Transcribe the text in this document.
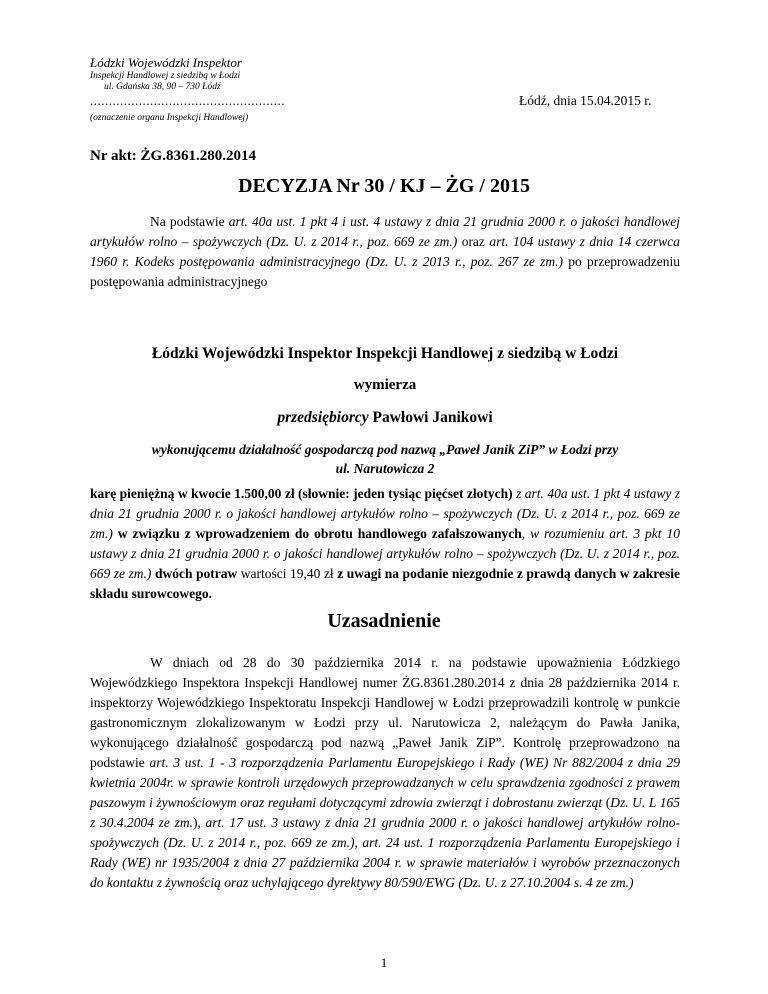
Łódzki Wojewódzki Inspektor
Inspekcji Handlowej z siedzibą w Łodzi
ul. Gdańska 38, 90 – 730 Łódź
....................................................
(oznaczenie organu Inspekcji Handlowej)
Łódź, dnia 15.04.2015 r.
Nr akt: ŻG.8361.280.2014
DECYZJA Nr 30 / KJ – ŻG / 2015
Na podstawie art. 40a ust. 1 pkt 4 i ust. 4 ustawy z dnia 21 grudnia 2000 r. o jakości handlowej artykułów rolno – spożywczych (Dz. U. z 2014 r., poz. 669 ze zm.) oraz art. 104 ustawy z dnia 14 czerwca 1960 r. Kodeks postępowania administracyjnego (Dz. U. z 2013 r., poz. 267 ze zm.) po przeprowadzeniu postępowania administracyjnego
Łódzki Wojewódzki Inspektor Inspekcji Handlowej z siedzibą w Łodzi
wymierza
przedsiębiorcy Pawłowi Janikowi
wykonującemu działalność gospodarczą pod nazwą „Paweł Janik ZiP” w Łodzi przy
ul. Narutowicza 2
karę pieniężną w kwocie 1.500,00 zł (słownie: jeden tysiąc pięćset złotych) z art. 40a ust. 1 pkt 4 ustawy z dnia 21 grudnia 2000 r. o jakości handlowej artykułów rolno – spożywczych (Dz. U. z 2014 r., poz. 669 ze zm.) w związku z wprowadzeniem do obrotu handlowego zafałszowanych, w rozumieniu art. 3 pkt 10 ustawy z dnia 21 grudnia 2000 r. o jakości handlowej artykułów rolno – spożywczych (Dz. U. z 2014 r., poz. 669 ze zm.) dwóch potraw wartości 19,40 zł z uwagi na podanie niezgodnie z prawdą danych w zakresie składu surowcowego.
Uzasadnienie
W dniach od 28 do 30 października 2014 r. na podstawie upoważnienia Łódzkiego Wojewódzkiego Inspektora Inspekcji Handlowej numer ŻG.8361.280.2014 z dnia 28 października 2014 r. inspektorzy Wojewódzkiego Inspektoratu Inspekcji Handlowej w Łodzi przeprowadzili kontrolę w punkcie gastronomicznym zlokalizowanym w Łodzi przy ul. Narutowicza 2, należącym do Pawła Janika, wykonującego działalność gospodarczą pod nazwą „Paweł Janik ZiP”. Kontrolę przeprowadzono na podstawie art. 3 ust. 1 - 3 rozporządzenia Parlamentu Europejskiego i Rady (WE) Nr 882/2004 z dnia 29 kwietnia 2004r. w sprawie kontroli urzędowych przeprowadzanych w celu sprawdzenia zgodności z prawem paszowym i żywnościowym oraz regułami dotyczącymi zdrowia zwierząt i dobrostanu zwierząt (Dz. U. L 165 z 30.4.2004 ze zm.), art. 17 ust. 3 ustawy z dnia 21 grudnia 2000 r. o jakości handlowej artykułów rolno-spożywczych (Dz. U. z 2014 r., poz. 669 ze zm.), art. 24 ust. 1 rozporządzenia Parlamentu Europejskiego i Rady (WE) nr 1935/2004 z dnia 27 października 2004 r. w sprawie materiałów i wyrobów przeznaczonych do kontaktu z żywnością oraz uchylającego dyrektywy 80/590/EWG (Dz. U. z 27.10.2004 s. 4 ze zm.)
1
